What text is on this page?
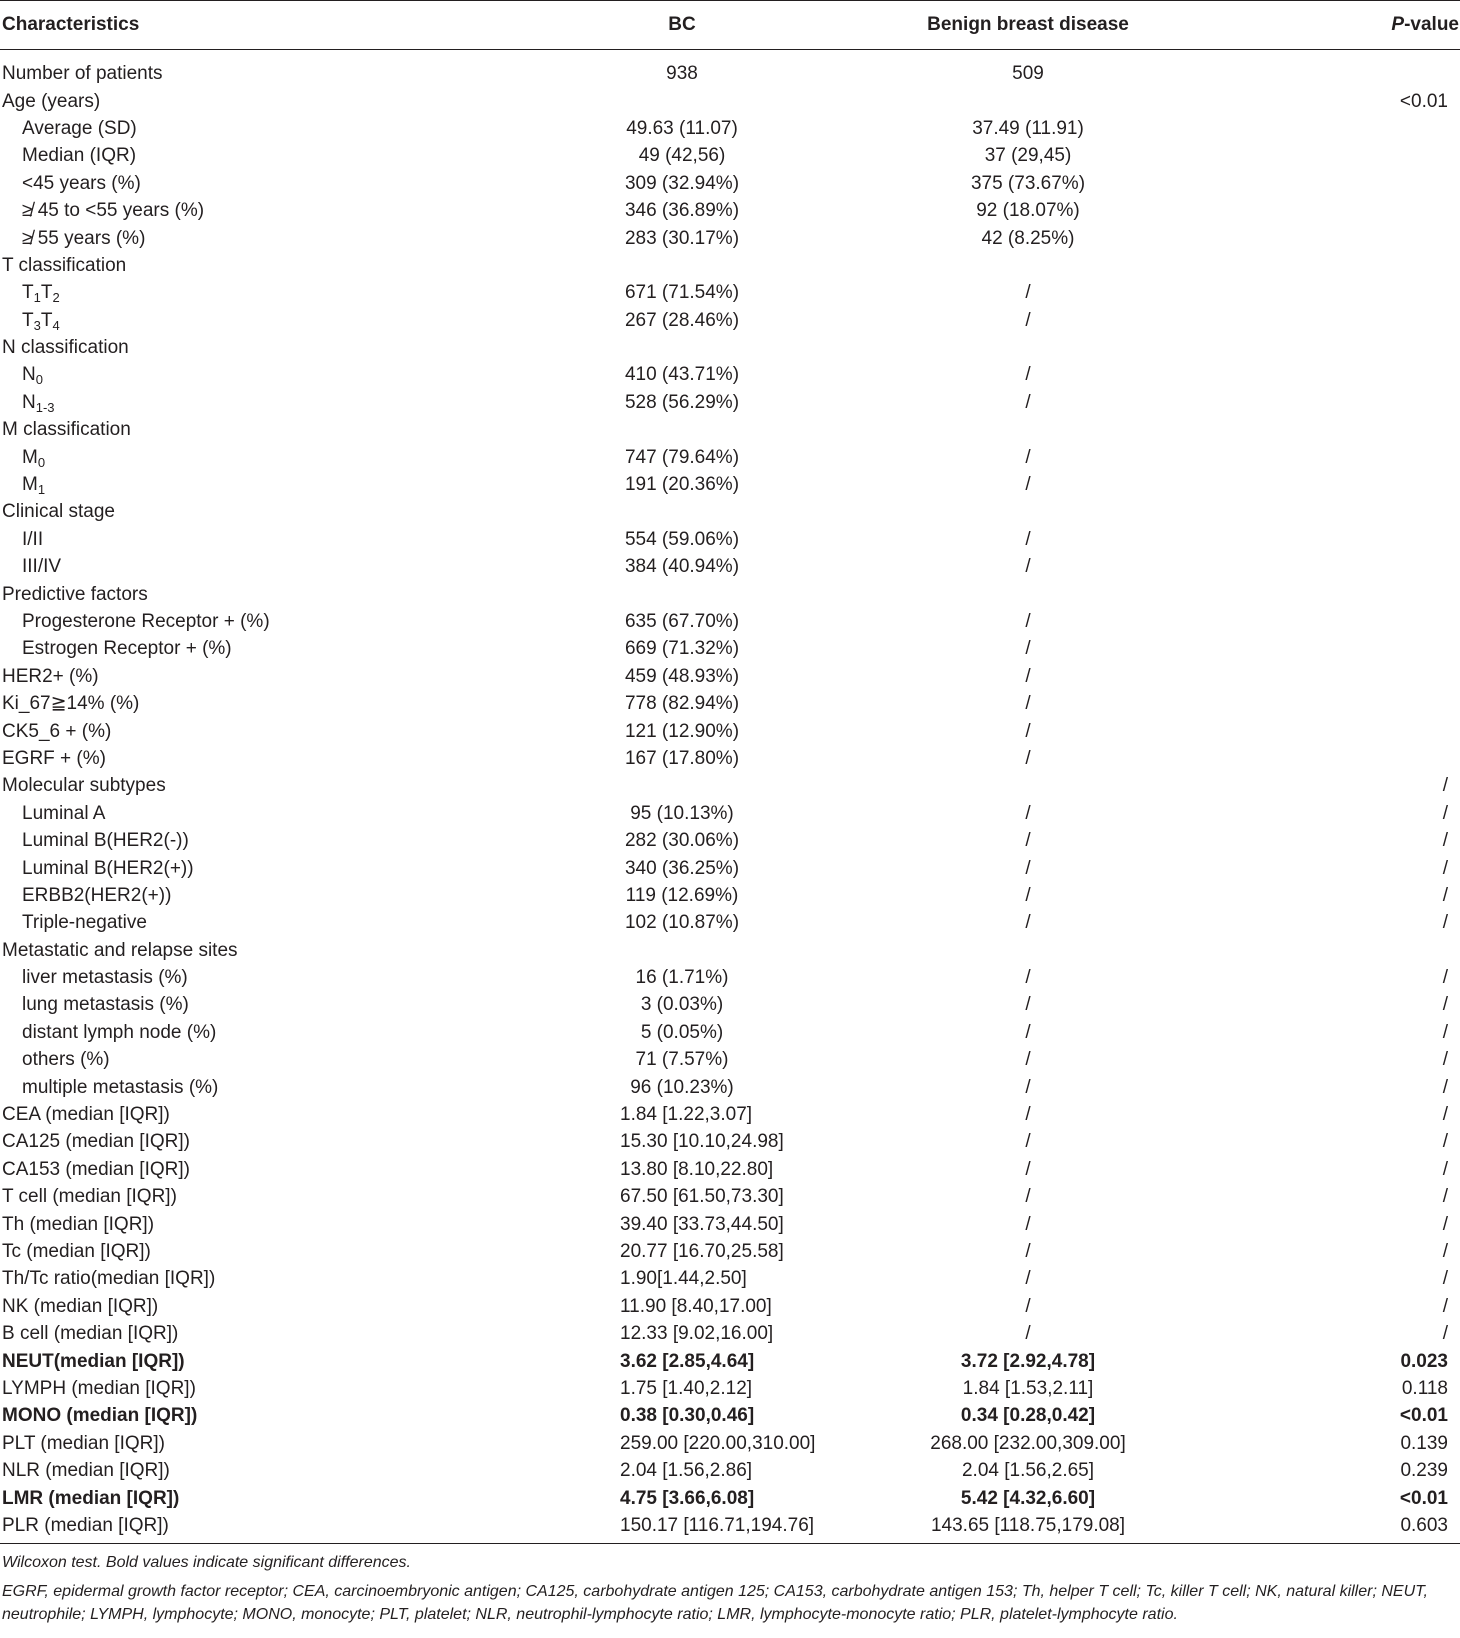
Characteristics	BC	Benign breast disease	P-value
Number of patients	938	509	
Age (years)			<0.01
Average (SD)	49.63 (11.07)	37.49 (11.91)	
Median (IQR)	49 (42,56)	37 (29,45)	
<45 years (%)	309 (32.94%)	375 (73.67%)	
≱ 45 to <55 years (%)	346 (36.89%)	92 (18.07%)	
≱ 55 years (%)	283 (30.17%)	42 (8.25%)	
T classification			
$T_1T_2$	671 (71.54%)	/	
$T_3T_4$	267 (28.46%)	/	
N classification			
$N_0$	410 (43.71%)	/	
$N_{1-3}$	528 (56.29%)	/	
M classification			
$M_0$	747 (79.64%)	/	
$M_1$	191 (20.36%)	/	
Clinical stage			
I/II	554 (59.06%)	/	
III/IV	384 (40.94%)	/	
Predictive factors			
Progesterone Receptor + (%)	635 (67.70%)	/	
Estrogen Receptor + (%)	669 (71.32%)	/	
HER2+ (%)	459 (48.93%)	/	
Ki_67≧14% (%)	778 (82.94%)	/	
CK5_6 + (%)	121 (12.90%)	/	
EGRF + (%)	167 (17.80%)	/	
Molecular subtypes			/
Luminal A	95 (10.13%)	/	/
Luminal B(HER2(-))	282 (30.06%)	/	/
Luminal B(HER2(+))	340 (36.25%)	/	/
ERBB2(HER2(+))	119 (12.69%)	/	/
Triple-negative	102 (10.87%)	/	/
Metastatic and relapse sites			
liver metastasis (%)	16 (1.71%)	/	/
lung metastasis (%)	3 (0.03%)	/	/
distant lymph node (%)	5 (0.05%)	/	/
others (%)	71 (7.57%)	/	/
multiple metastasis (%)	96 (10.23%)	/	/
CEA (median [IQR])	1.84 [1.22,3.07]	/	/
CA125 (median [IQR])	15.30 [10.10,24.98]	/	/
CA153 (median [IQR])	13.80 [8.10,22.80]	/	/
T cell (median [IQR])	67.50 [61.50,73.30]	/	/
Th (median [IQR])	39.40 [33.73,44.50]	/	/
Tc (median [IQR])	20.77 [16.70,25.58]	/	/
Th/Tc ratio(median [IQR])	1.90[1.44,2.50]	/	/
NK (median [IQR])	11.90 [8.40,17.00]	/	/
B cell (median [IQR])	12.33 [9.02,16.00]	/	/
NEUT(median [IQR])	3.62 [2.85,4.64]	3.72 [2.92,4.78]	0.023
LYMPH (median [IQR])	1.75 [1.40,2.12]	1.84 [1.53,2.11]	0.118
MONO (median [IQR])	0.38 [0.30,0.46]	0.34 [0.28,0.42]	<0.01
PLT (median [IQR])	259.00 [220.00,310.00]	268.00 [232.00,309.00]	0.139
NLR (median [IQR])	2.04 [1.56,2.86]	2.04 [1.56,2.65]	0.239
LMR (median [IQR])	4.75 [3.66,6.08]	5.42 [4.32,6.60]	<0.01
PLR (median [IQR])	150.17 [116.71,194.76]	143.65 [118.75,179.08]	0.603

Wilcoxon test. Bold values indicate significant differences.

EGRF, epidermal growth factor receptor; CEA, carcinoembryonic antigen; CA125, carbohydrate antigen 125; CA153, carbohydrate antigen 153; Th, helper T cell; Tc, killer T cell; NK, natural killer; NEUT, neutrophile; LYMPH, lymphocyte; MONO, monocyte; PLT, platelet; NLR, neutrophil-lymphocyte ratio; LMR, lymphocyte-monocyte ratio; PLR, platelet-lymphocyte ratio.
